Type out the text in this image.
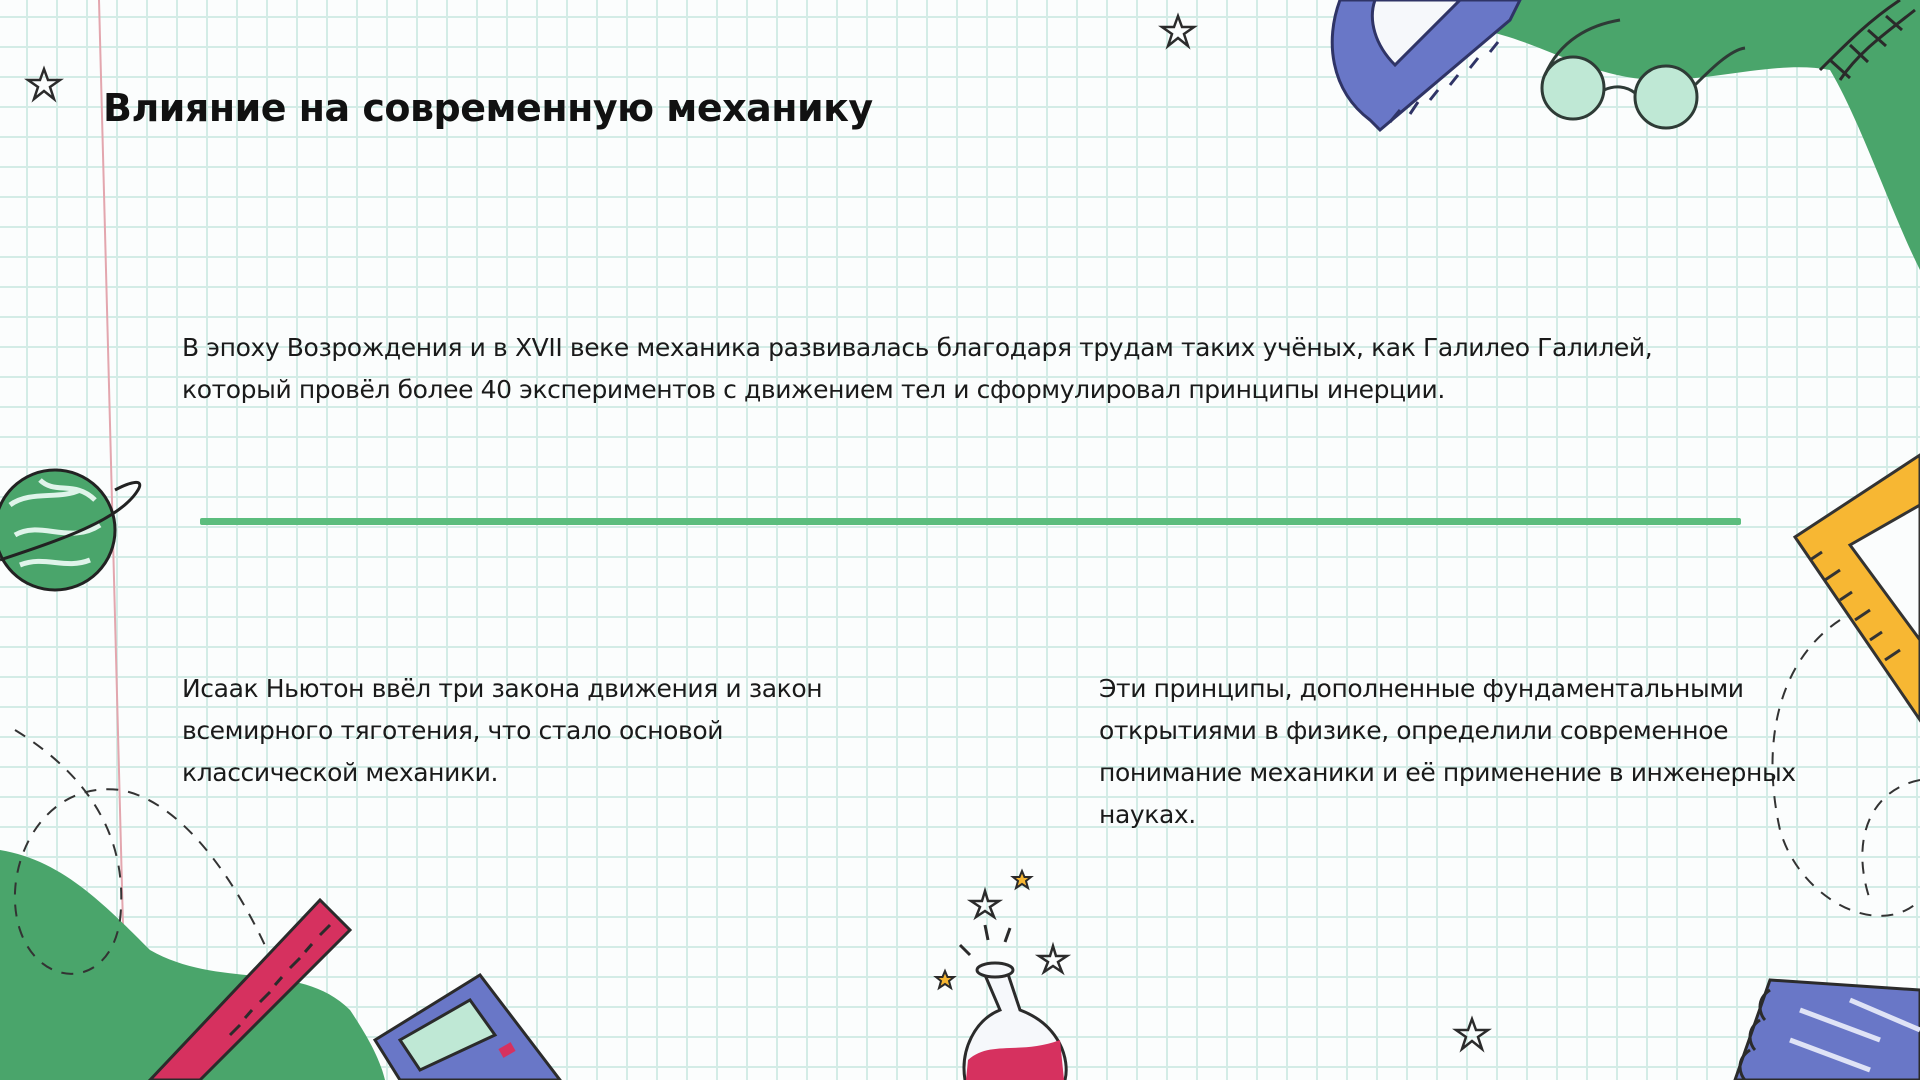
Влияние на современную механику

В эпоху Возрождения и в XVII веке механика развивалась благодаря трудам таких учёных, как Галилео Галилей, который провёл более 40 экспериментов с движением тел и сформулировал принципы инерции.

Исаак Ньютон ввёл три закона движения и закон всемирного тяготения, что стало основой классической механики.

Эти принципы, дополненные фундаментальными открытиями в физике, определили современное понимание механики и её применение в инженерных науках.
